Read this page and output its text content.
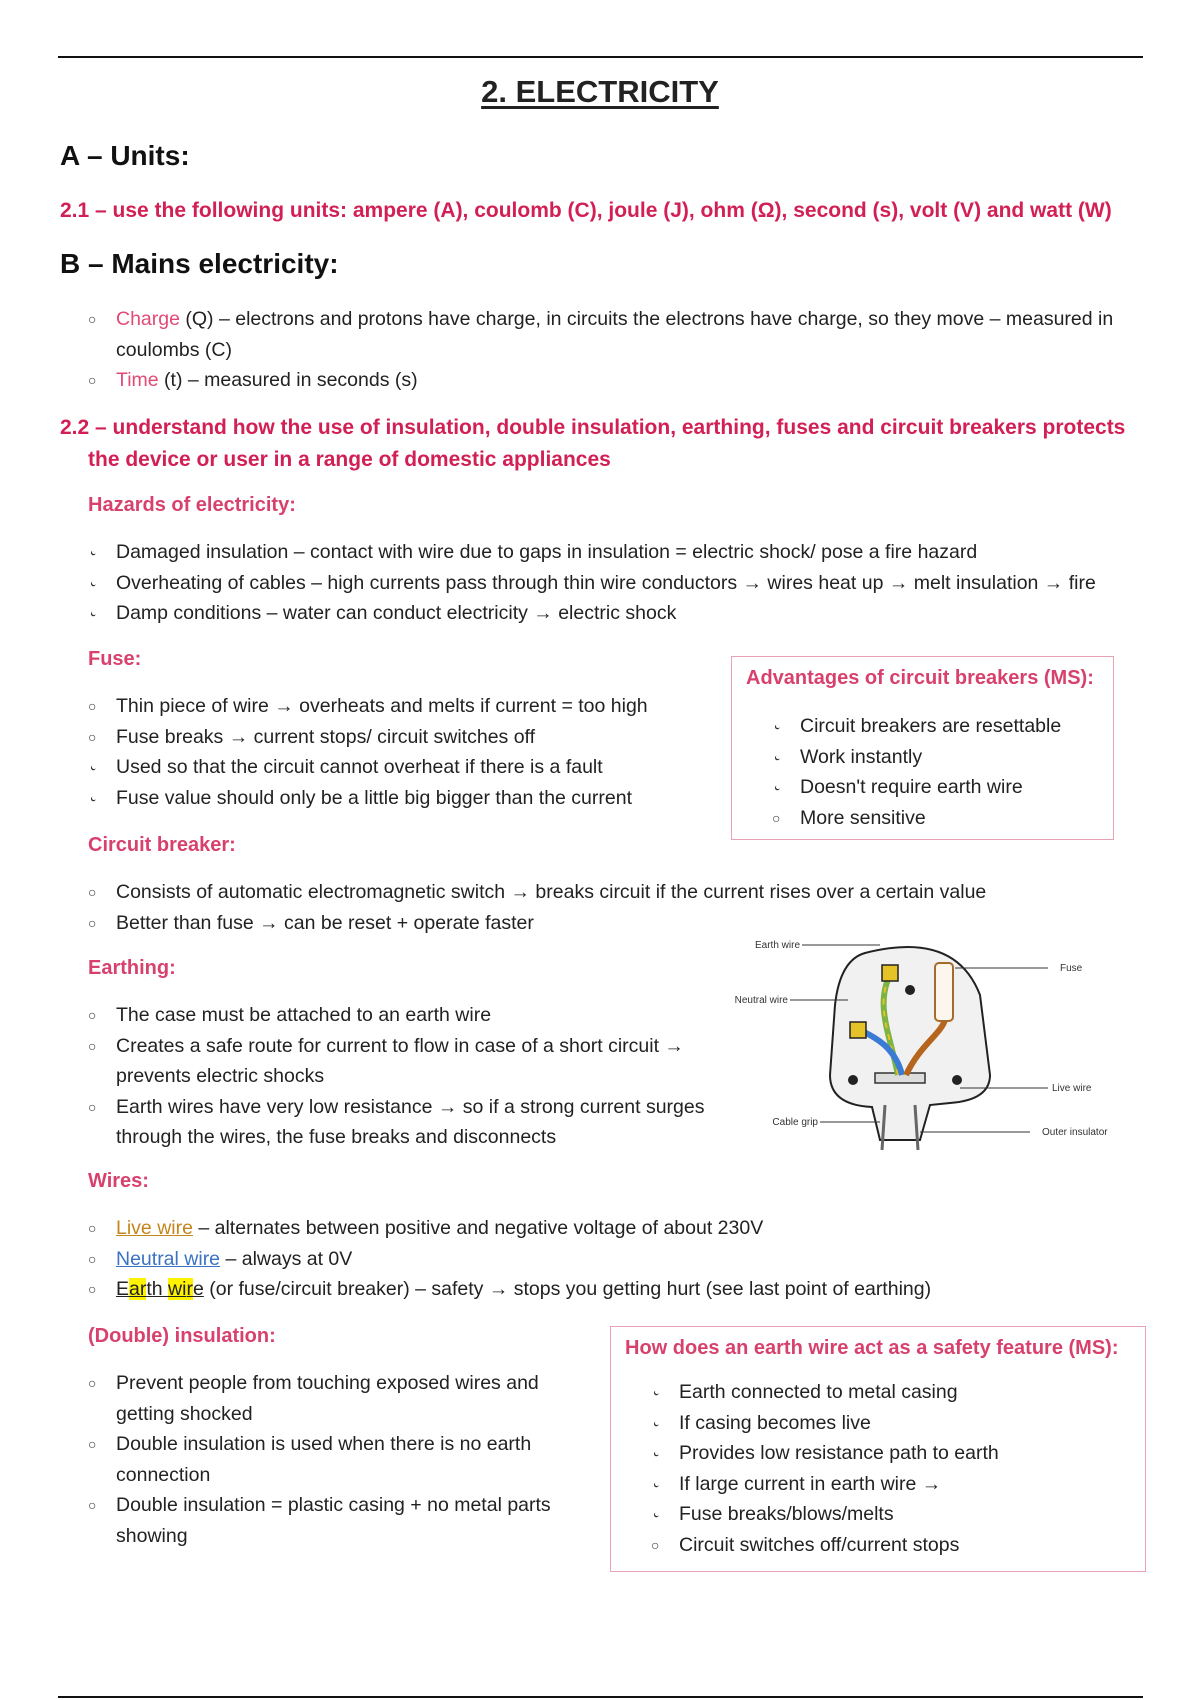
2. ELECTRICITY
A – Units:
2.1 – use the following units: ampere (A), coulomb (C), joule (J), ohm (Ω), second (s), volt (V) and watt (W)
B – Mains electricity:
○ Charge (Q) – electrons and protons have charge, in circuits the electrons have charge, so they move – measured in
coulombs (C)
○ Time (t) – measured in seconds (s)
2.2 – understand how the use of insulation, double insulation, earthing, fuses and circuit breakers protects
the device or user in a range of domestic appliances
Hazards of electricity:
● Damaged insulation – contact with wire due to gaps in insulation = electric shock/ pose a fire hazard
● Overheating of cables – high currents pass through thin wire conductors → wires heat up → melt insulation → fire
● Damp conditions – water can conduct electricity → electric shock
Fuse:
○ Thin piece of wire → overheats and melts if current = too high
○ Fuse breaks → current stops/ circuit switches off
● Used so that the circuit cannot overheat if there is a fault
● Fuse value should only be a little big bigger than the current
Advantages of circuit breakers (MS):
● Circuit breakers are resettable
● Work instantly
● Doesn't require earth wire
○ More sensitive
Circuit breaker:
○ Consists of automatic electromagnetic switch → breaks circuit if the current rises over a certain value
○ Better than fuse → can be reset + operate faster
Earthing:
○ The case must be attached to an earth wire
○ Creates a safe route for current to flow in case of a short circuit →
prevents electric shocks
○ Earth wires have very low resistance → so if a strong current surges
through the wires, the fuse breaks and disconnects
Earth wire
Neutral wire
Cable grip
Fuse
Live wire
Outer insulator
Wires:
○ Live wire – alternates between positive and negative voltage of about 230V
○ Neutral wire – always at 0V
○ Earth wire (or fuse/circuit breaker) – safety → stops you getting hurt (see last point of earthing)
(Double) insulation:
○ Prevent people from touching exposed wires and
getting shocked
○ Double insulation is used when there is no earth
connection
○ Double insulation = plastic casing + no metal parts
showing
How does an earth wire act as a safety feature (MS):
● Earth connected to metal casing
● If casing becomes live
● Provides low resistance path to earth
● If large current in earth wire →
● Fuse breaks/blows/melts
○ Circuit switches off/current stops
